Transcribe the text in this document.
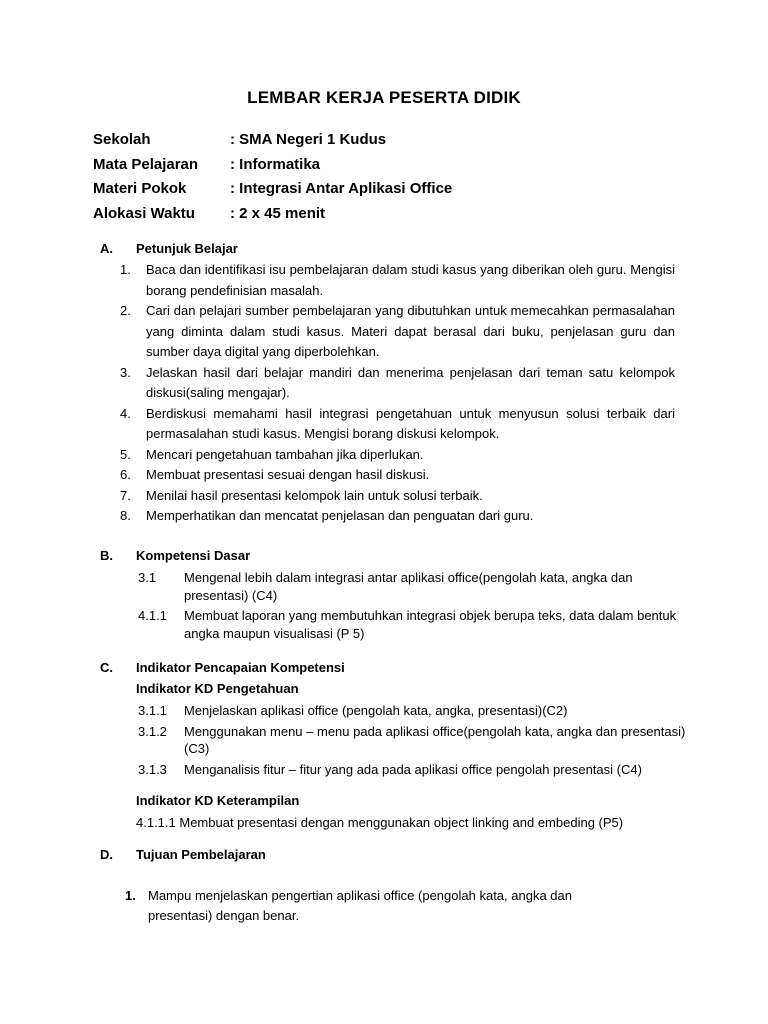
LEMBAR KERJA PESERTA DIDIK
Sekolah	: SMA Negeri 1 Kudus
Mata Pelajaran : Informatika
Materi Pokok	: Integrasi Antar Aplikasi Office
Alokasi Waktu : 2 x 45 menit
A. Petunjuk Belajar
1.	Baca dan identifikasi isu pembelajaran dalam studi kasus yang diberikan oleh guru. Mengisi borang pendefinisian masalah.
2.	Cari dan pelajari sumber pembelajaran yang dibutuhkan untuk memecahkan permasalahan yang diminta dalam studi kasus. Materi dapat berasal dari buku, penjelasan guru dan sumber daya digital yang diperbolehkan.
3.	Jelaskan hasil dari belajar mandiri dan menerima penjelasan dari teman satu kelompok diskusi(saling mengajar).
4.	Berdiskusi memahami hasil integrasi pengetahuan untuk menyusun solusi terbaik dari permasalahan studi kasus. Mengisi borang diskusi kelompok.
5.	Mencari pengetahuan tambahan jika diperlukan.
6.	Membuat presentasi sesuai dengan hasil diskusi.
7.	Menilai hasil presentasi kelompok lain untuk solusi terbaik.
8.	Memperhatikan dan mencatat penjelasan dan penguatan dari guru.
B. Kompetensi Dasar
3.1	Mengenal lebih dalam integrasi antar aplikasi office(pengolah kata, angka dan presentasi) (C4)
4.1.1	Membuat laporan yang membutuhkan integrasi objek berupa teks, data dalam bentuk angka maupun visualisasi (P 5)
C. Indikator Pencapaian Kompetensi
Indikator KD Pengetahuan
3.1.1	Menjelaskan aplikasi office (pengolah kata, angka, presentasi)(C2)
3.1.2	Menggunakan menu – menu pada aplikasi office(pengolah kata, angka dan presentasi)(C3)
3.1.3	Menganalisis fitur – fitur yang ada pada aplikasi office pengolah presentasi (C4)
Indikator KD Keterampilan
4.1.1.1 Membuat presentasi dengan menggunakan object linking and embeding (P5)
D. Tujuan Pembelajaran
1. Mampu menjelaskan pengertian aplikasi office (pengolah kata, angka dan presentasi) dengan benar.
